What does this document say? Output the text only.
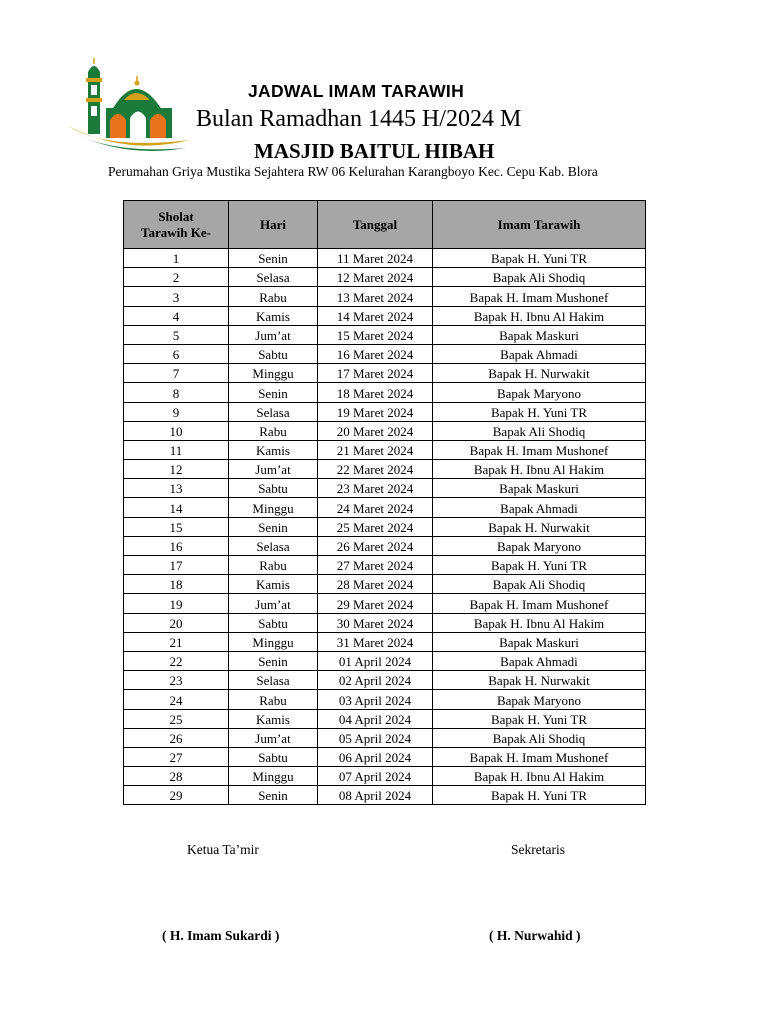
JADWAL IMAM TARAWIH
Bulan Ramadhan 1445 H/2024 M
MASJID BAITUL HIBAH
Perumahan Griya Mustika Sejahtera RW 06 Kelurahan Karangboyo Kec. Cepu Kab. Blora
Sholat Tarawih Ke-	Hari	Tanggal	Imam Tarawih
1	Senin	11 Maret 2024	Bapak H. Yuni TR
2	Selasa	12 Maret 2024	Bapak Ali Shodiq
3	Rabu	13 Maret 2024	Bapak H. Imam Mushonef
4	Kamis	14 Maret 2024	Bapak H. Ibnu Al Hakim
5	Jum’at	15 Maret 2024	Bapak Maskuri
6	Sabtu	16 Maret 2024	Bapak Ahmadi
7	Minggu	17 Maret 2024	Bapak H. Nurwakit
8	Senin	18 Maret 2024	Bapak Maryono
9	Selasa	19 Maret 2024	Bapak H. Yuni TR
10	Rabu	20 Maret 2024	Bapak Ali Shodiq
11	Kamis	21 Maret 2024	Bapak H. Imam Mushonef
12	Jum’at	22 Maret 2024	Bapak H. Ibnu Al Hakim
13	Sabtu	23 Maret 2024	Bapak Maskuri
14	Minggu	24 Maret 2024	Bapak Ahmadi
15	Senin	25 Maret 2024	Bapak H. Nurwakit
16	Selasa	26 Maret 2024	Bapak Maryono
17	Rabu	27 Maret 2024	Bapak H. Yuni TR
18	Kamis	28 Maret 2024	Bapak Ali Shodiq
19	Jum’at	29 Maret 2024	Bapak H. Imam Mushonef
20	Sabtu	30 Maret 2024	Bapak H. Ibnu Al Hakim
21	Minggu	31 Maret 2024	Bapak Maskuri
22	Senin	01 April 2024	Bapak Ahmadi
23	Selasa	02 April 2024	Bapak H. Nurwakit
24	Rabu	03 April 2024	Bapak Maryono
25	Kamis	04 April 2024	Bapak H. Yuni TR
26	Jum’at	05 April 2024	Bapak Ali Shodiq
27	Sabtu	06 April 2024	Bapak H. Imam Mushonef
28	Minggu	07 April 2024	Bapak H. Ibnu Al Hakim
29	Senin	08 April 2024	Bapak H. Yuni TR
Ketua Ta’mir	Sekretaris
( H. Imam Sukardi )	( H. Nurwahid )
